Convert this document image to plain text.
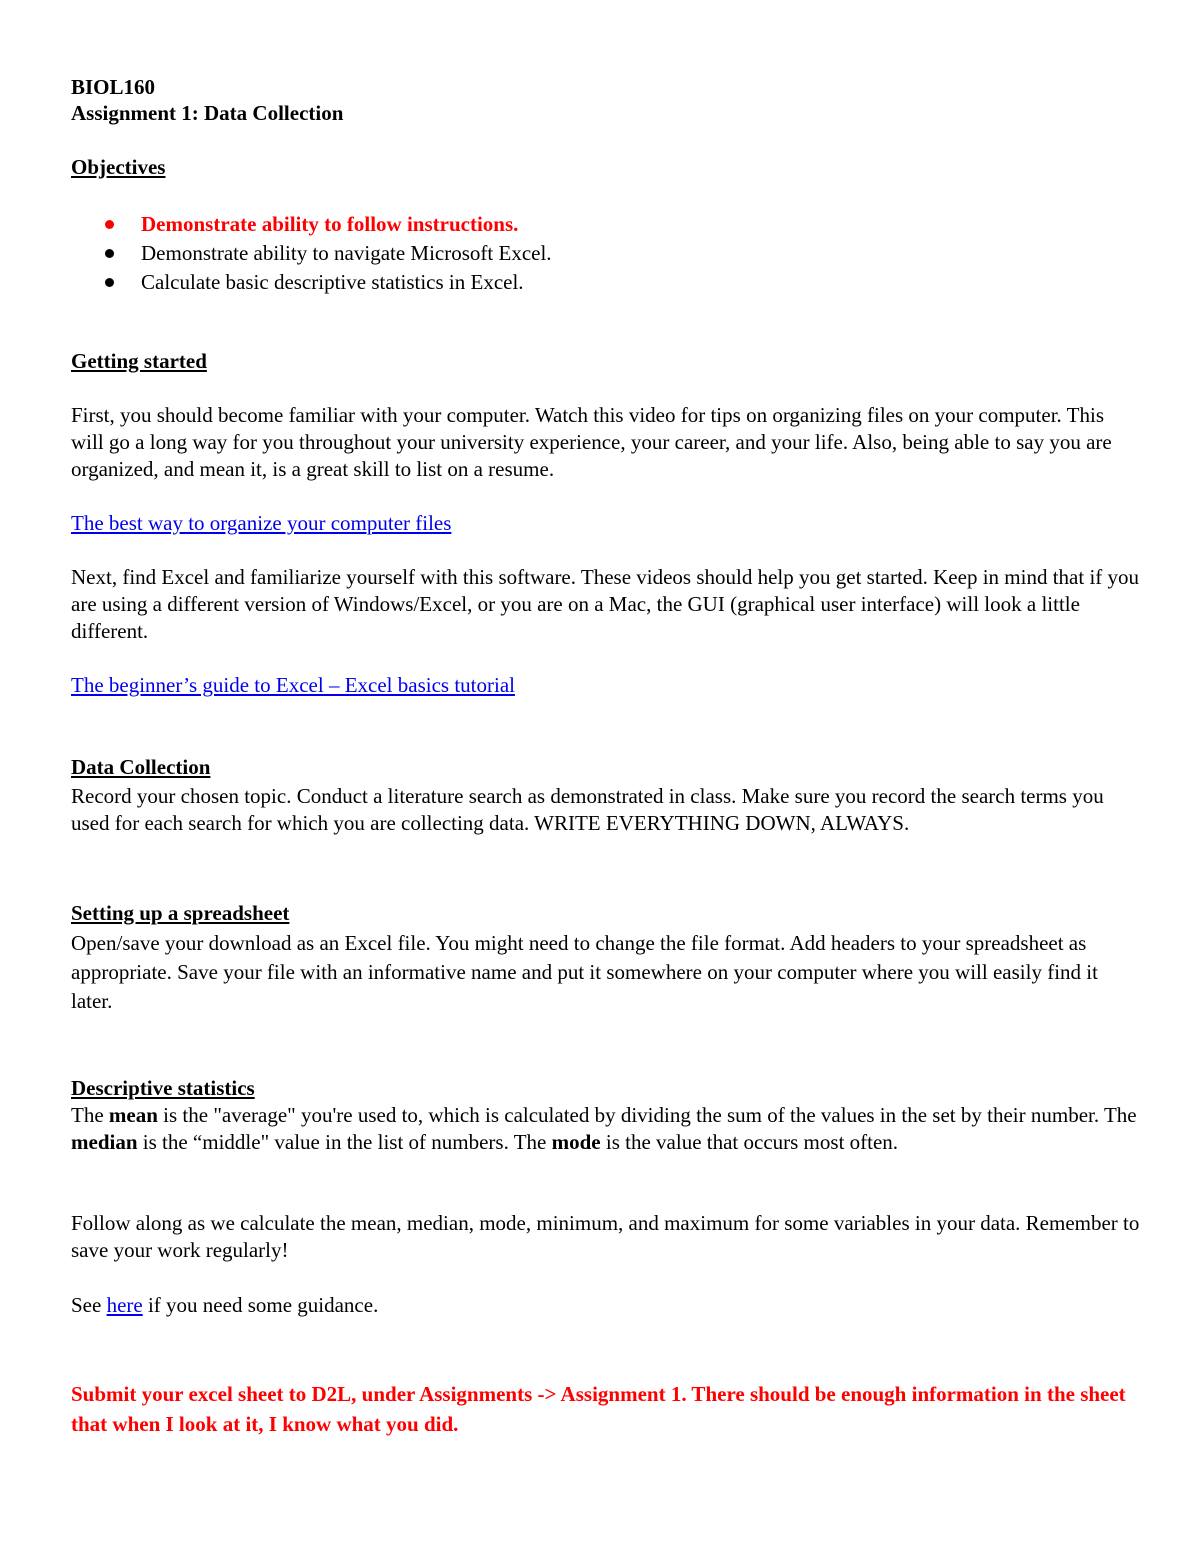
BIOL160

Assignment 1: Data Collection

Objectives

Demonstrate ability to follow instructions.
Demonstrate ability to navigate Microsoft Excel.
Calculate basic descriptive statistics in Excel.

Getting started

First, you should become familiar with your computer. Watch this video for tips on organizing files on your computer. This will go a long way for you throughout your university experience, your career, and your life. Also, being able to say you are organized, and mean it, is a great skill to list on a resume.

The best way to organize your computer files

Next, find Excel and familiarize yourself with this software. These videos should help you get started. Keep in mind that if you are using a different version of Windows/Excel, or you are on a Mac, the GUI (graphical user interface) will look a little different.

The beginner’s guide to Excel – Excel basics tutorial

Data Collection

Record your chosen topic. Conduct a literature search as demonstrated in class. Make sure you record the search terms you used for each search for which you are collecting data. WRITE EVERYTHING DOWN, ALWAYS.

Setting up a spreadsheet

Open/save your download as an Excel file. You might need to change the file format. Add headers to your spreadsheet as appropriate. Save your file with an informative name and put it somewhere on your computer where you will easily find it later.

Descriptive statistics

The mean is the "average" you're used to, which is calculated by dividing the sum of the values in the set by their number. The median is the “middle" value in the list of numbers. The mode is the value that occurs most often.

Follow along as we calculate the mean, median, mode, minimum, and maximum for some variables in your data. Remember to save your work regularly!

See here if you need some guidance.

Submit your excel sheet to D2L, under Assignments -> Assignment 1. There should be enough information in the sheet that when I look at it, I know what you did.
